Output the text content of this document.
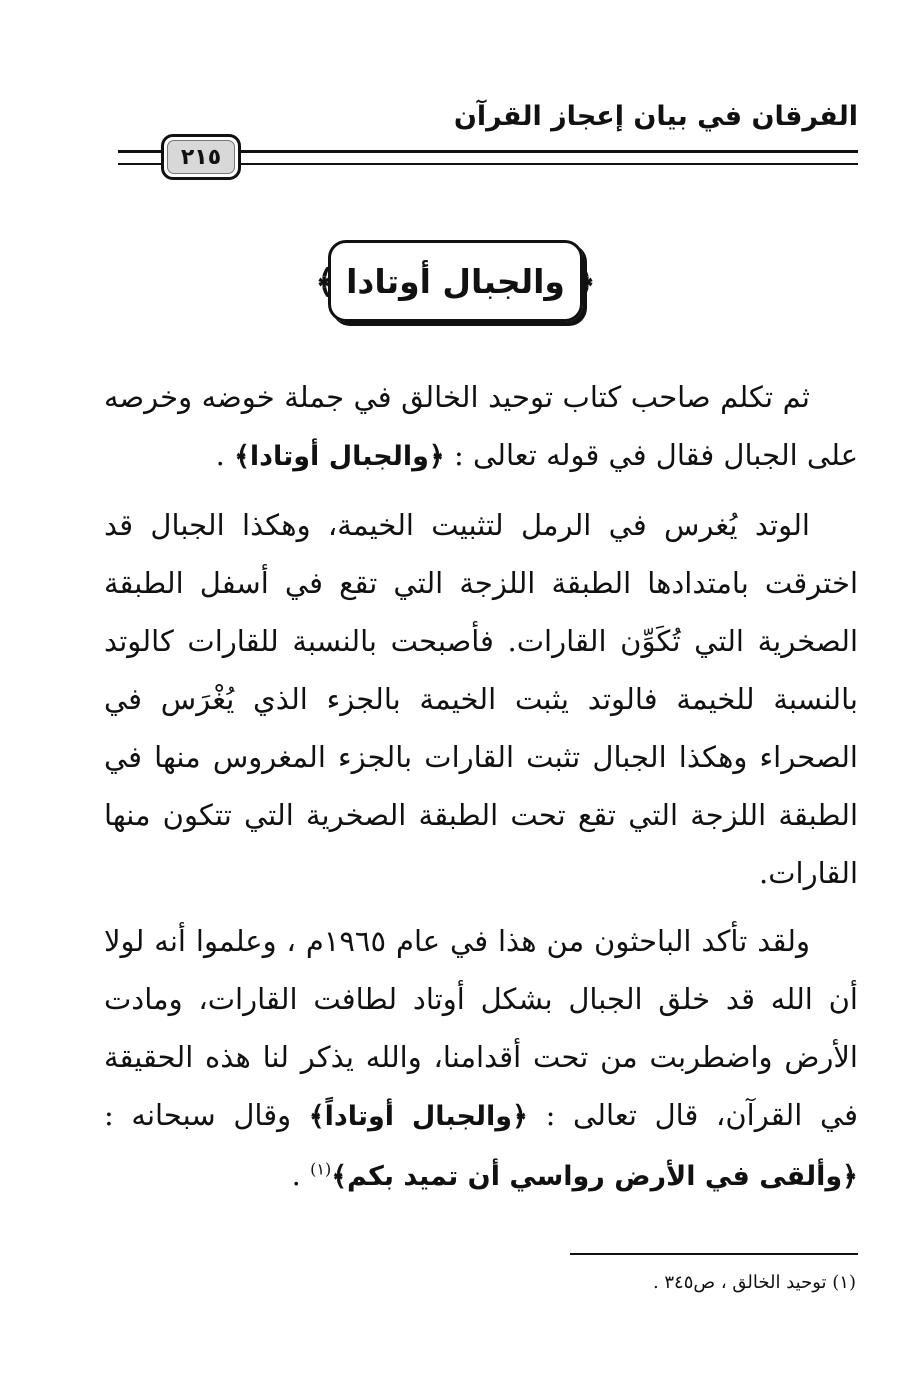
الفرقان في بيان إعجاز القرآن
٢١٥
﴿ والجبال أوتادا ﴾

ثم تكلم صاحب كتاب توحيد الخالق في جملة خوضه وخرصه على الجبال فقال في قوله تعالى : ﴿والجبال أوتادا﴾ .

الوتد يُغرس في الرمل لتثبيت الخيمة، وهكذا الجبال قد اخترقت بامتدادها الطبقة اللزجة التي تقع في أسفل الطبقة الصخرية التي تُكَوِّن القارات. فأصبحت بالنسبة للقارات كالوتد بالنسبة للخيمة فالوتد يثبت الخيمة بالجزء الذي يُغْرَس في الصحراء وهكذا الجبال تثبت القارات بالجزء المغروس منها في الطبقة اللزجة التي تقع تحت الطبقة الصخرية التي تتكون منها القارات.

ولقد تأكد الباحثون من هذا في عام ١٩٦٥م ، وعلموا أنه لولا أن الله قد خلق الجبال بشكل أوتاد لطافت القارات، ومادت الأرض واضطربت من تحت أقدامنا، والله يذكر لنا هذه الحقيقة في القرآن، قال تعالى : ﴿والجبال أوتاداً﴾ وقال سبحانه : ﴿وألقى في الأرض رواسي أن تميد بكم﴾$^{(١)}$ .

(١) توحيد الخالق ، ص٣٤٥ .
